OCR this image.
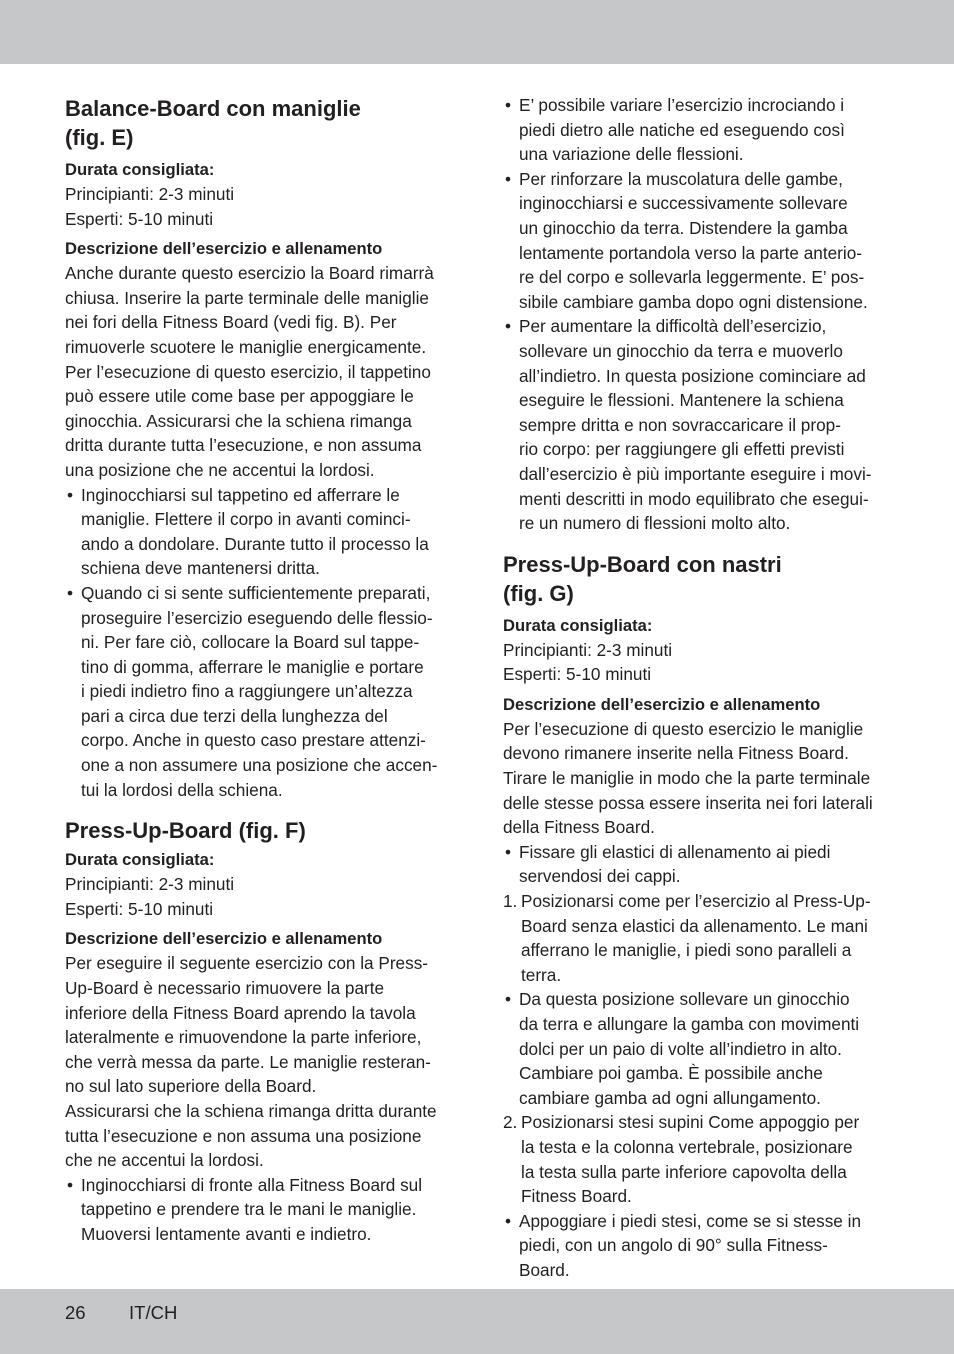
Balance-Board con maniglie
(fig. E)
Durata consigliata:

Principianti: 2-3 minuti

Esperti: 5-10 minuti

Descrizione dell’esercizio e allenamento

Anche durante questo esercizio la Board rimarrà
chiusa. Inserire la parte terminale delle maniglie
nei fori della Fitness Board (vedi fig. B). Per
rimuoverle scuotere le maniglie energicamente.
Per l’esecuzione di questo esercizio, il tappetino
può essere utile come base per appoggiare le
ginocchia. Assicurarsi che la schiena rimanga
dritta durante tutta l’esecuzione, e non assuma
una posizione che ne accentui la lordosi.

• Inginocchiarsi sul tappetino ed afferrare le
maniglie. Flettere il corpo in avanti cominci-
ando a dondolare. Durante tutto il processo la
schiena deve mantenersi dritta.
• Quando ci si sente sufficientemente preparati,
proseguire l’esercizio eseguendo delle flessio-
ni. Per fare ciò, collocare la Board sul tappe-
tino di gomma, afferrare le maniglie e portare
i piedi indietro fino a raggiungere un’altezza
pari a circa due terzi della lunghezza del
corpo. Anche in questo caso prestare attenzi-
one a non assumere una posizione che accen-
tui la lordosi della schiena.
Press-Up-Board (fig. F)
Durata consigliata:

Principianti: 2-3 minuti

Esperti: 5-10 minuti

Descrizione dell’esercizio e allenamento

Per eseguire il seguente esercizio con la Press-
Up-Board è necessario rimuovere la parte
inferiore della Fitness Board aprendo la tavola
lateralmente e rimuovendone la parte inferiore,
che verrà messa da parte. Le maniglie resteran-
no sul lato superiore della Board.
Assicurarsi che la schiena rimanga dritta durante
tutta l’esecuzione e non assuma una posizione
che ne accentui la lordosi.

• Inginocchiarsi di fronte alla Fitness Board sul
tappetino e prendere tra le mani le maniglie.
Muoversi lentamente avanti e indietro.
• E’ possibile variare l’esercizio incrociando i
piedi dietro alle natiche ed eseguendo così
una variazione delle flessioni.
• Per rinforzare la muscolatura delle gambe,
inginocchiarsi e successivamente sollevare
un ginocchio da terra. Distendere la gamba
lentamente portandola verso la parte anterio-
re del corpo e sollevarla leggermente. E’ pos-
sibile cambiare gamba dopo ogni distensione.
• Per aumentare la difficoltà dell’esercizio,
sollevare un ginocchio da terra e muoverlo
all’indietro. In questa posizione cominciare ad
eseguire le flessioni. Mantenere la schiena
sempre dritta e non sovraccaricare il prop-
rio corpo: per raggiungere gli effetti previsti
dall’esercizio è più importante eseguire i movi-
menti descritti in modo equilibrato che esegui-
re un numero di flessioni molto alto.
Press-Up-Board con nastri
(fig. G)
Durata consigliata:

Principianti: 2-3 minuti

Esperti: 5-10 minuti

Descrizione dell’esercizio e allenamento

Per l’esecuzione di questo esercizio le maniglie
devono rimanere inserite nella Fitness Board.
Tirare le maniglie in modo che la parte terminale
delle stesse possa essere inserita nei fori laterali
della Fitness Board.

• Fissare gli elastici di allenamento ai piedi
servendosi dei cappi.
1. Posizionarsi come per l’esercizio al Press-Up-
Board senza elastici da allenamento. Le mani
afferrano le maniglie, i piedi sono paralleli a
terra.
• Da questa posizione sollevare un ginocchio
da terra e allungare la gamba con movimenti
dolci per un paio di volte all’indietro in alto.
Cambiare poi gamba. È possibile anche
cambiare gamba ad ogni allungamento.
2. Posizionarsi stesi supini Come appoggio per
la testa e la colonna vertebrale, posizionare
la testa sulla parte inferiore capovolta della
Fitness Board.
• Appoggiare i piedi stesi, come se si stesse in
piedi, con un angolo di 90° sulla Fitness-
Board.
26 IT/CH
